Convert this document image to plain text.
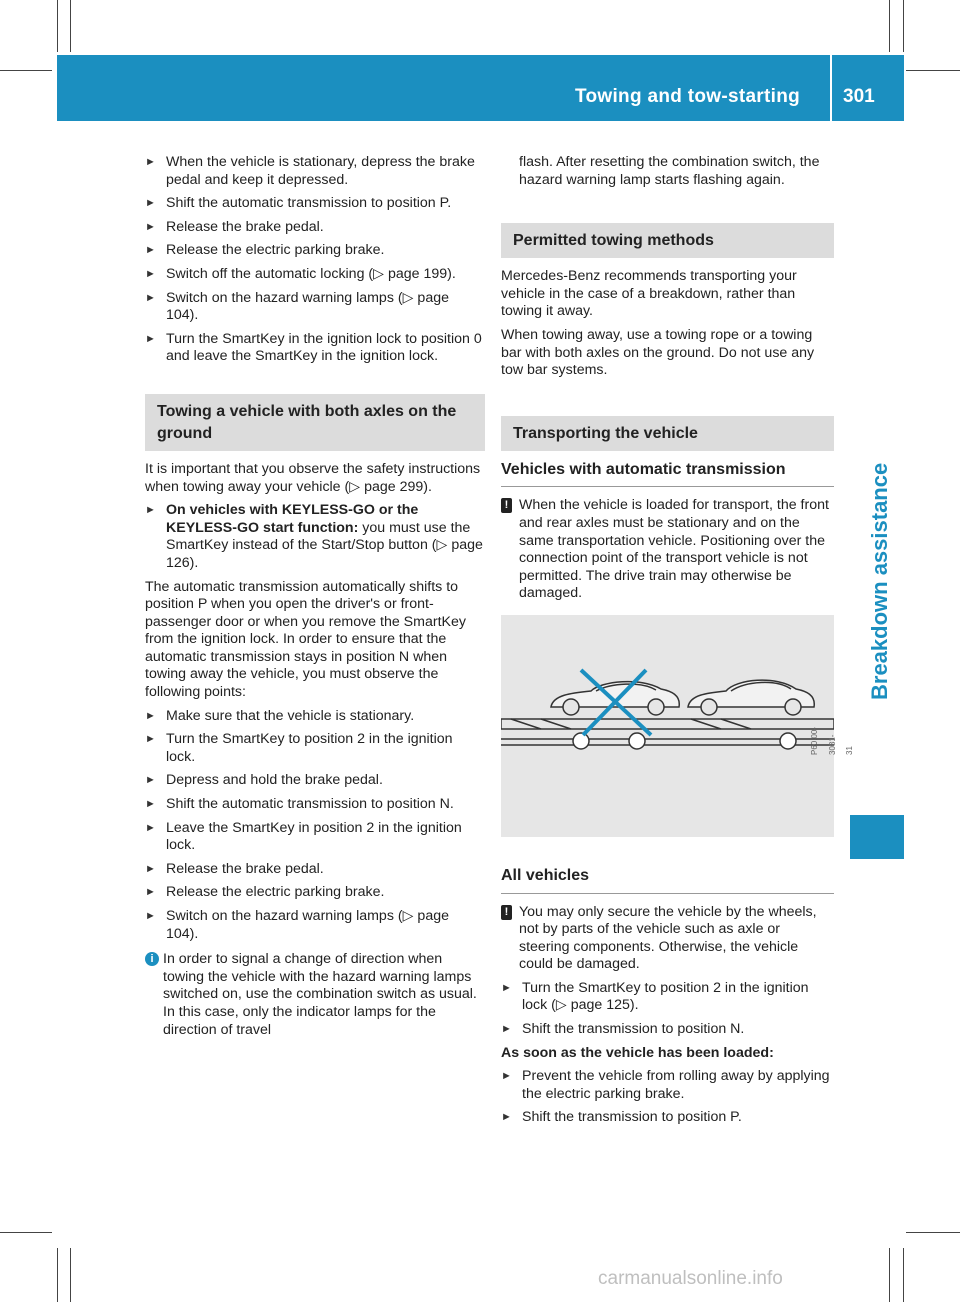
Towing and tow-starting 301
Breakdown assistance
► When the vehicle is stationary, depress the brake pedal and keep it depressed.
► Shift the automatic transmission to position P.
► Release the brake pedal.
► Release the electric parking brake.
► Switch off the automatic locking (▷ page 199).
► Switch on the hazard warning lamps (▷ page 104).
► Turn the SmartKey in the ignition lock to position 0 and leave the SmartKey in the ignition lock.
Towing a vehicle with both axles on the ground

It is important that you observe the safety instructions when towing away your vehicle (▷ page 299).

► On vehicles with KEYLESS-GO or the KEYLESS-GO start function: you must use the SmartKey instead of the Start/Stop button (▷ page 126).

The automatic transmission automatically shifts to position P when you open the driver's or front-passenger door or when you remove the SmartKey from the ignition lock. In order to ensure that the automatic transmission stays in position N when towing away the vehicle, you must observe the following points:

► Make sure that the vehicle is stationary.
► Turn the SmartKey to position 2 in the ignition lock.
► Depress and hold the brake pedal.
► Shift the automatic transmission to position N.
► Leave the SmartKey in position 2 in the ignition lock.
► Release the brake pedal.
► Release the electric parking brake.
► Switch on the hazard warning lamps (▷ page 104).
i In order to signal a change of direction when towing the vehicle with the hazard warning lamps switched on, use the combination switch as usual. In this case, only the indicator lamps for the direction of travel

flash. After resetting the combination switch, the hazard warning lamp starts flashing again.

Permitted towing methods

Mercedes-Benz recommends transporting your vehicle in the case of a breakdown, rather than towing it away.

When towing away, use a towing rope or a towing bar with both axles on the ground. Do not use any tow bar systems.

Transporting the vehicle
Vehicles with automatic transmission
! When the vehicle is loaded for transport, the front and rear axles must be stationary and on the same transportation vehicle. Positioning over the connection point of the transport vehicle is not permitted. The drive train may otherwise be damaged.
P60.00-3081-31
All vehicles
! You may only secure the vehicle by the wheels, not by parts of the vehicle such as axle or steering components. Otherwise, the vehicle could be damaged.
► Turn the SmartKey to position 2 in the ignition lock (▷ page 125).
► Shift the transmission to position N.

As soon as the vehicle has been loaded:

► Prevent the vehicle from rolling away by applying the electric parking brake.
► Shift the transmission to position P.
carmanualsonline.info
